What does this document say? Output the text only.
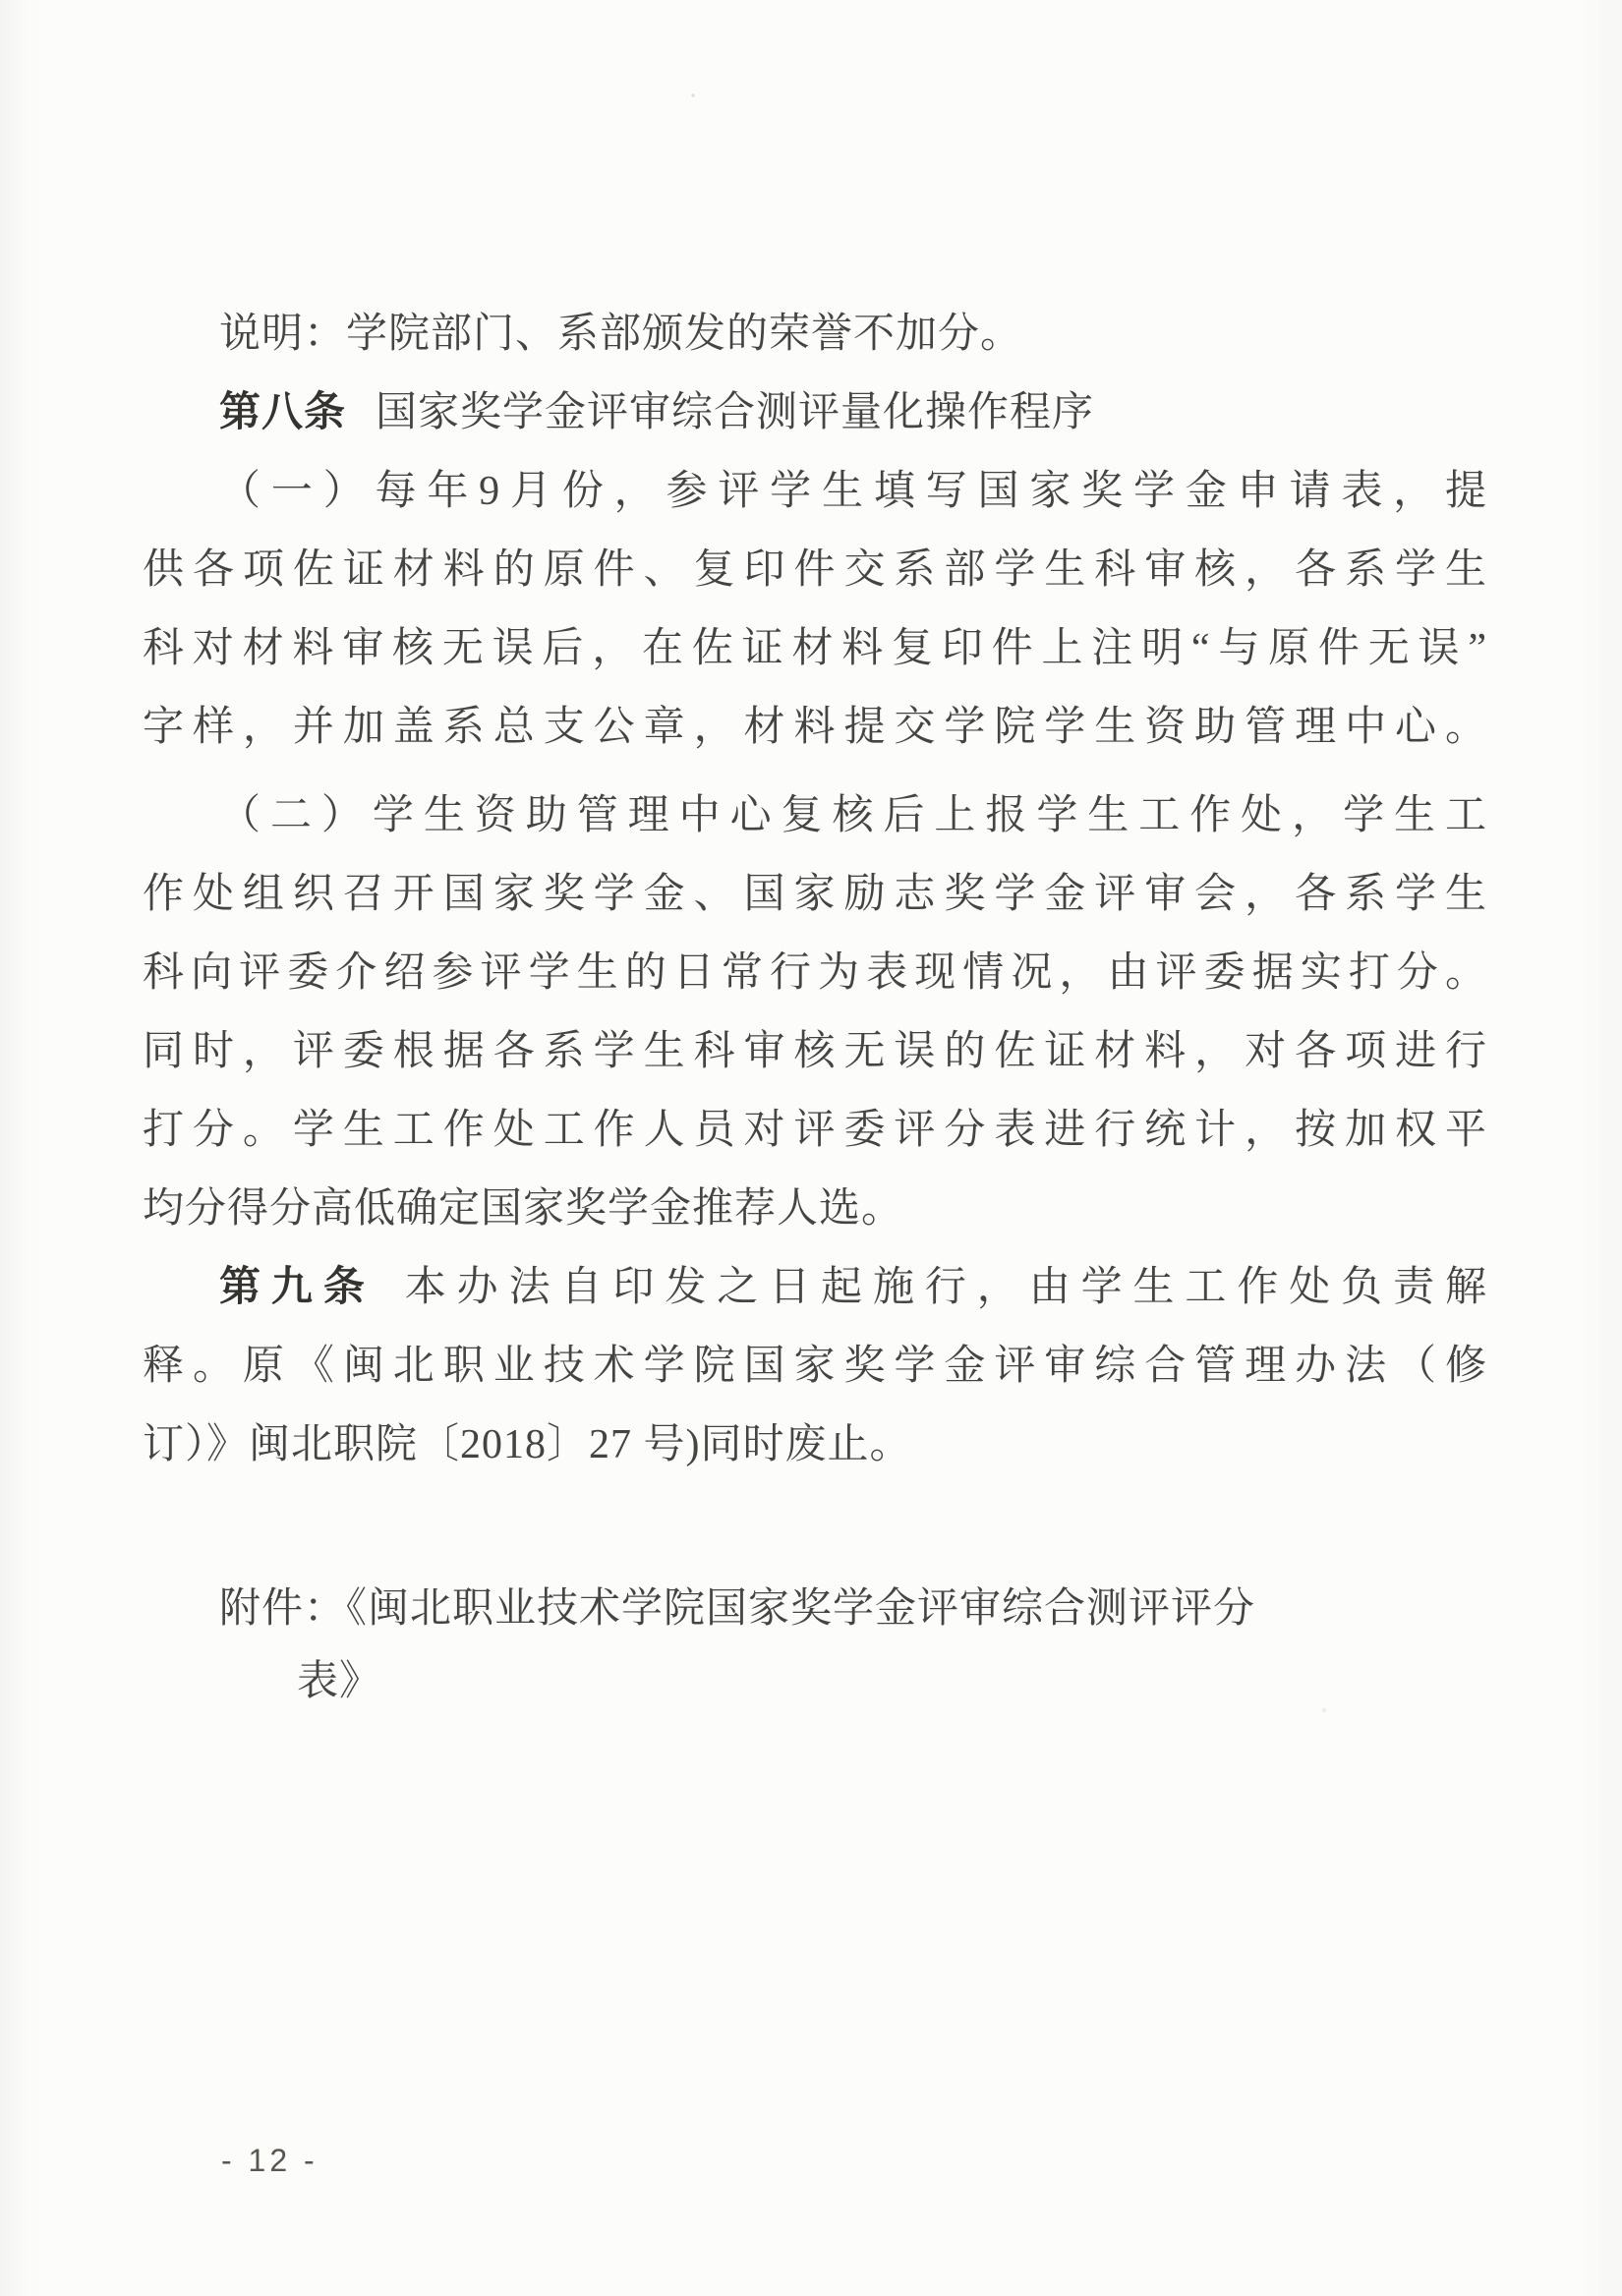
说明：学院部门、系部颁发的荣誉不加分。
第八条 国家奖学金评审综合测评量化操作程序
（一）每年9月份，参评学生填写国家奖学金申请表，提
供各项佐证材料的原件、复印件交系部学生科审核，各系学生
科对材料审核无误后，在佐证材料复印件上注明“与原件无误”
字样，并加盖系总支公章，材料提交学院学生资助管理中心。
（二）学生资助管理中心复核后上报学生工作处，学生工
作处组织召开国家奖学金、国家励志奖学金评审会，各系学生
科向评委介绍参评学生的日常行为表现情况，由评委据实打分。
同时，评委根据各系学生科审核无误的佐证材料，对各项进行
打分。学生工作处工作人员对评委评分表进行统计，按加权平
均分得分高低确定国家奖学金推荐人选。
第九条 本办法自印发之日起施行，由学生工作处负责解
释。原《闽北职业技术学院国家奖学金评审综合管理办法（修
订）》闽北职院〔2018〕27 号)同时废止。
附件：《闽北职业技术学院国家奖学金评审综合测评评分
表》
- 12 -
